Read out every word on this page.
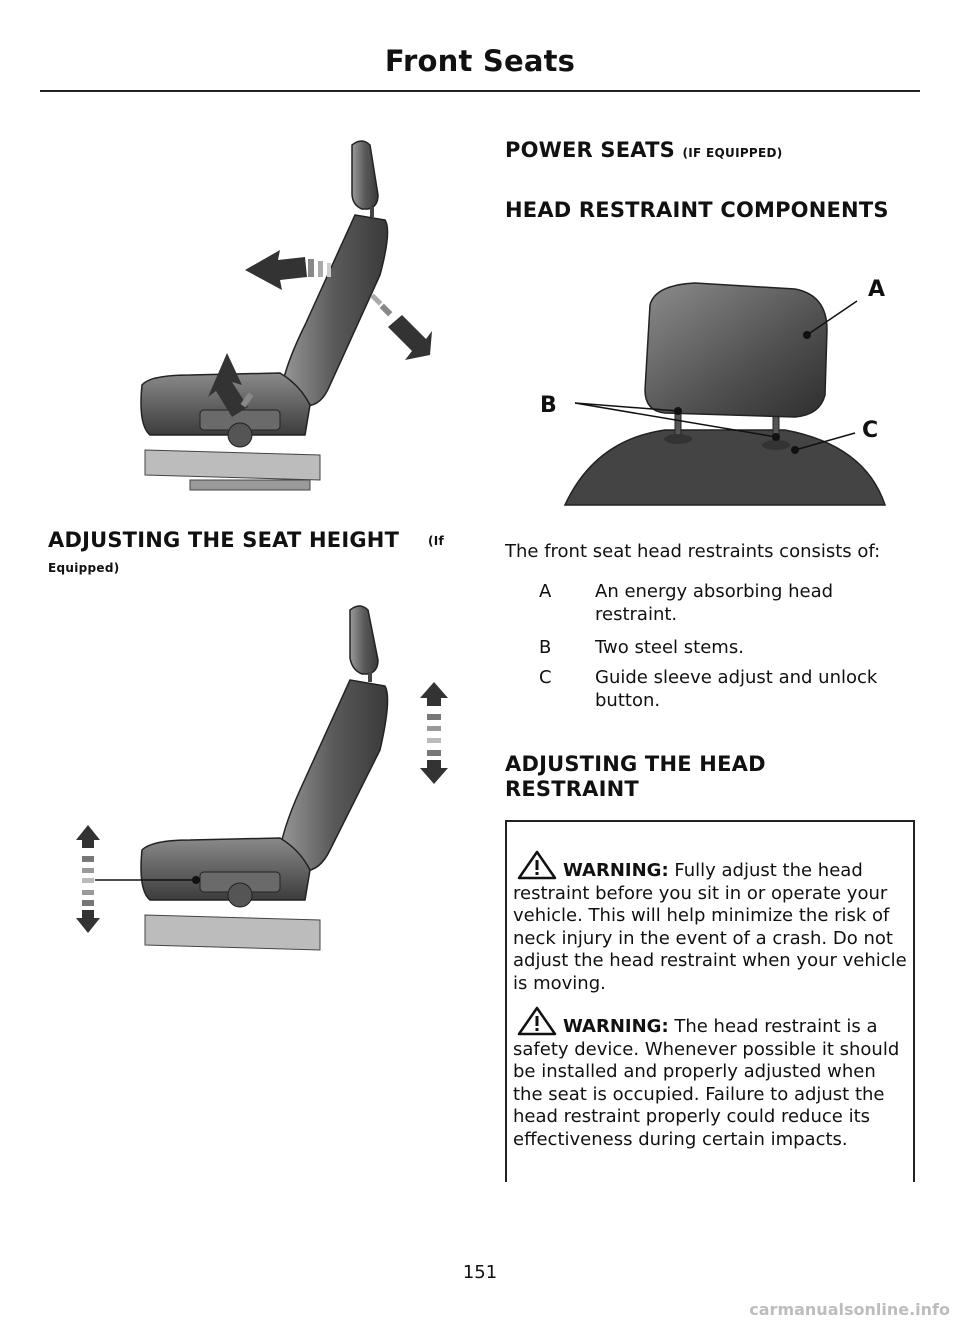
Front Seats
ADJUSTING THE SEAT HEIGHT (If
Equipped)
POWER SEATS (IF EQUIPPED)
HEAD RESTRAINT COMPONENTS
A
B
C
The front seat head restraints consists of:
A An energy absorbing head restraint.
B Two steel stems.
C Guide sleeve adjust and unlock button.
ADJUSTING THE HEAD
RESTRAINT
WARNING: Fully adjust the head restraint before you sit in or operate your vehicle. This will help minimize the risk of neck injury in the event of a crash. Do not adjust the head restraint when your vehicle is moving.
WARNING: The head restraint is a safety device. Whenever possible it should be installed and properly adjusted when the seat is occupied. Failure to adjust the head restraint properly could reduce its effectiveness during certain impacts.
151
carmanualsonline.info
